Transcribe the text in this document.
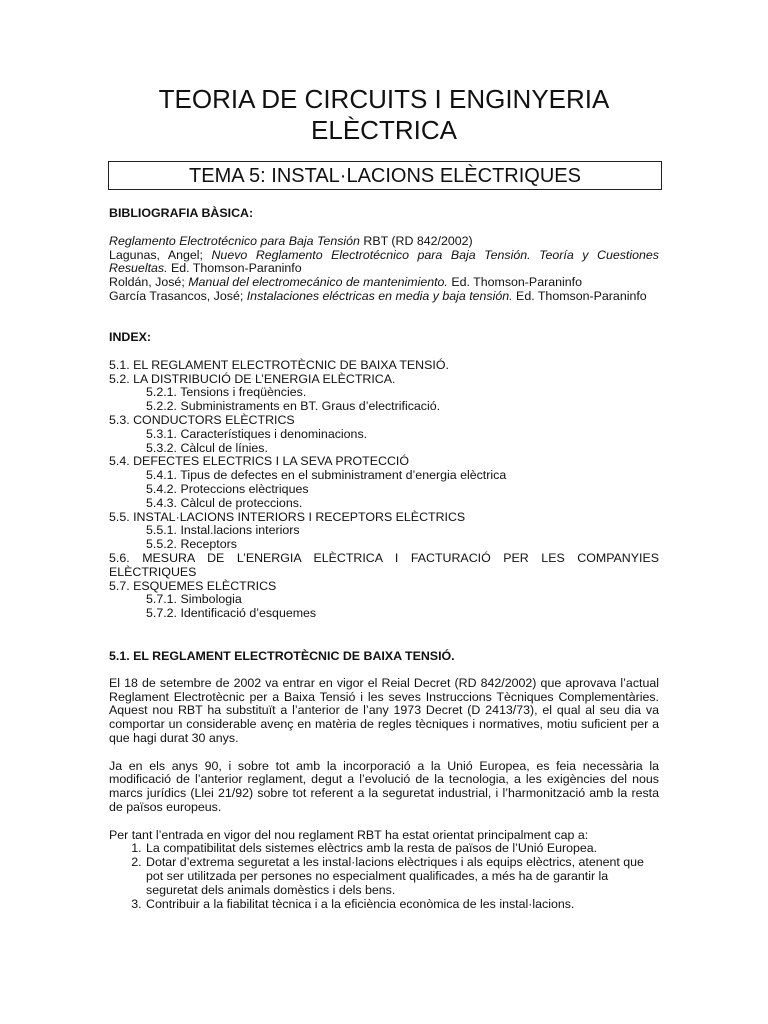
TEORIA DE CIRCUITS I ENGINYERIA
ELÈCTRICA
TEMA 5: INSTAL·LACIONS ELÈCTRIQUES

BIBLIOGRAFIA BÀSICA:

Reglamento Electrotécnico para Baja Tensión RBT (RD 842/2002)

Lagunas, Angel; Nuevo Reglamento Electrotécnico para Baja Tensión. Teoría y Cuestiones Resueltas. Ed. Thomson-Paraninfo

Roldán, José; Manual del electromecánico de mantenimiento. Ed. Thomson-Paraninfo

García Trasancos, José; Instalaciones eléctricas en media y baja tensión. Ed. Thomson-Paraninfo

INDEX:

5.1. EL REGLAMENT ELECTROTÈCNIC DE BAIXA TENSIÓ.

5.2. LA DISTRIBUCIÓ DE L’ENERGIA ELÈCTRICA.

5.2.1. Tensions i freqüències.

5.2.2. Subministraments en BT. Graus d’electrificació.

5.3. CONDUCTORS ELÈCTRICS

5.3.1. Característiques i denominacions.

5.3.2. Càlcul de línies.

5.4. DEFECTES ELECTRICS I LA SEVA PROTECCIÓ

5.4.1. Tipus de defectes en el subministrament d’energia elèctrica

5.4.2. Proteccions elèctriques

5.4.3. Càlcul de proteccions.

5.5. INSTAL·LACIONS INTERIORS I RECEPTORS ELÈCTRICS

5.5.1. Instal.lacions interiors

5.5.2. Receptors

5.6. MESURA DE L’ENERGIA ELÈCTRICA I FACTURACIÓ PER LES COMPANYIES ELÈCTRIQUES

5.7. ESQUEMES ELÈCTRICS

5.7.1. Simbologia

5.7.2. Identificació d’esquemes

5.1. EL REGLAMENT ELECTROTÈCNIC DE BAIXA TENSIÓ.

El 18 de setembre de 2002 va entrar en vigor el Reial Decret (RD 842/2002) que aprovava l’actual Reglament Electrotècnic per a Baixa Tensió i les seves Instruccions Tècniques Complementàries. Aquest nou RBT ha substituït a l’anterior de l’any 1973 Decret (D 2413/73), el qual al seu dia va comportar un considerable avenç en matèria de regles tècniques i normatives, motiu suficient per a que hagi durat 30 anys.

Ja en els anys 90, i sobre tot amb la incorporació a la Unió Europea, es feia necessària la modificació de l’anterior reglament, degut a l’evolució de la tecnologia, a les exigències del nous marcs jurídics (Llei 21/92) sobre tot referent a la seguretat industrial, i l’harmonització amb la resta de països europeus.

Per tant l’entrada en vigor del nou reglament RBT ha estat orientat principalment cap a:

1. La compatibilitat dels sistemes elèctrics amb la resta de països de l’Unió Europea.
2. Dotar d’extrema seguretat a les instal·lacions elèctriques i als equips elèctrics, atenent que pot ser utilitzada per persones no especialment qualificades, a més ha de garantir la seguretat dels animals domèstics i dels bens.
3. Contribuir a la fiabilitat tècnica i a la eficiència econòmica de les instal·lacions.
